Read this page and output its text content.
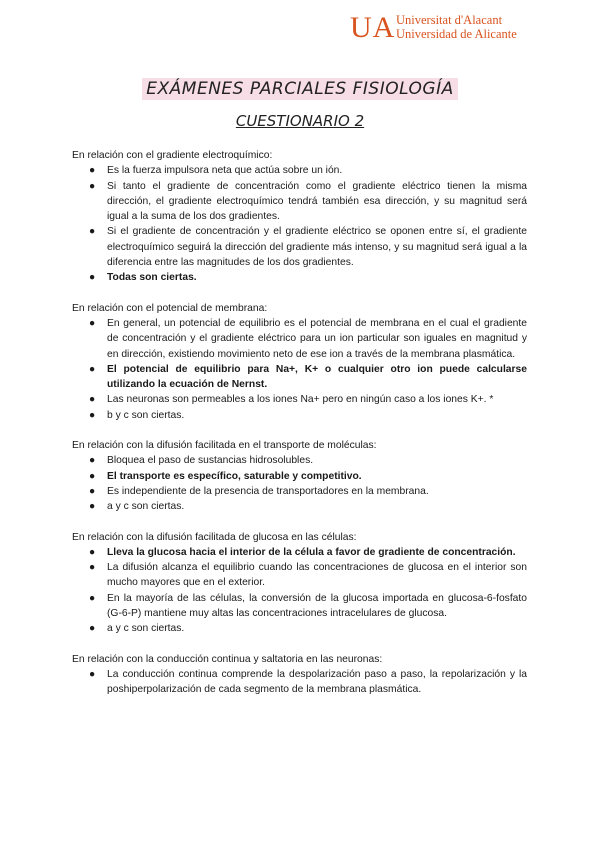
UA Universitat d'Alacant
Universidad de Alicante
EXÁMENES PARCIALES FISIOLOGÍA
CUESTIONARIO 2

En relación con el gradiente electroquímico:

● Es la fuerza impulsora neta que actúa sobre un ión.
● Si tanto el gradiente de concentración como el gradiente eléctrico tienen la misma dirección, el gradiente electroquímico tendrá también esa dirección, y su magnitud será igual a la suma de los dos gradientes.
● Si el gradiente de concentración y el gradiente eléctrico se oponen entre sí, el gradiente electroquímico seguirá la dirección del gradiente más intenso, y su magnitud será igual a la diferencia entre las magnitudes de los dos gradientes.
● Todas son ciertas.

En relación con el potencial de membrana:

● En general, un potencial de equilibrio es el potencial de membrana en el cual el gradiente de concentración y el gradiente eléctrico para un ion particular son iguales en magnitud y en dirección, existiendo movimiento neto de ese ion a través de la membrana plasmática.
● El potencial de equilibrio para Na+, K+ o cualquier otro ion puede calcularse utilizando la ecuación de Nernst.
● Las neuronas son permeables a los iones Na+ pero en ningún caso a los iones K+. *
● b y c son ciertas.

En relación con la difusión facilitada en el transporte de moléculas:

● Bloquea el paso de sustancias hidrosolubles.
● El transporte es específico, saturable y competitivo.
● Es independiente de la presencia de transportadores en la membrana.
● a y c son ciertas.

En relación con la difusión facilitada de glucosa en las células:

● Lleva la glucosa hacia el interior de la célula a favor de gradiente de concentración.
● La difusión alcanza el equilibrio cuando las concentraciones de glucosa en el interior son mucho mayores que en el exterior.
● En la mayoría de las células, la conversión de la glucosa importada en glucosa-6-fosfato (G-6-P) mantiene muy altas las concentraciones intracelulares de glucosa.
● a y c son ciertas.

En relación con la conducción continua y saltatoria en las neuronas:

● La conducción continua comprende la despolarización paso a paso, la repolarización y la poshiperpolarización de cada segmento de la membrana plasmática.
